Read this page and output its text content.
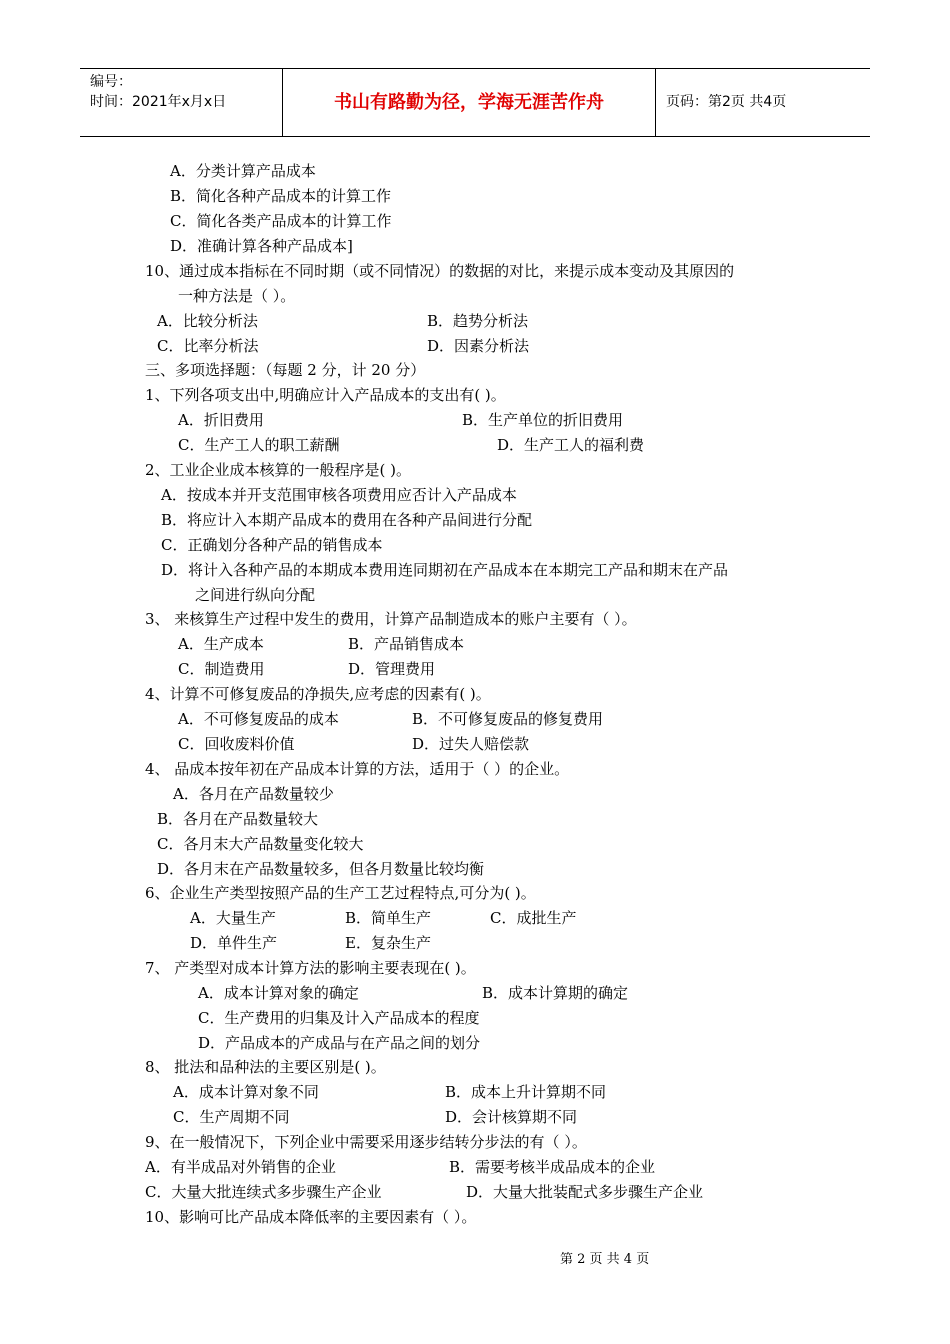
编号：
时间：2021年x月x日	书山有路勤为径，学海无涯苦作舟	页码：第2页 共4页
A．分类计算产品成本
B．简化各种产品成本的计算工作
C．简化各类产品成本的计算工作
D．准确计算各种产品成本]
10、通过成本指标在不同时期（或不同情况）的数据的对比，来提示成本变动及其原因的
一种方法是（ ）。
A．比较分析法	B．趋势分析法
C．比率分析法	D．因素分析法
三、多项选择题：（每题 2 分，计 20 分）
1、下列各项支出中,明确应计入产品成本的支出有( )。
A．折旧费用	B．生产单位的折旧费用
C．生产工人的职工薪酬	D．生产工人的福利费
2、工业企业成本核算的一般程序是( )。
A．按成本并开支范围审核各项费用应否计入产品成本
B．将应计入本期产品成本的费用在各种产品间进行分配
C．正确划分各种产品的销售成本
D．将计入各种产品的本期成本费用连同期初在产品成本在本期完工产品和期末在产品
之间进行纵向分配
3、 来核算生产过程中发生的费用，计算产品制造成本的账户主要有（ ）。
A．生产成本	B．产品销售成本
C．制造费用	D．管理费用
4、计算不可修复废品的净损失,应考虑的因素有( )。
A．不可修复废品的成本	B．不可修复废品的修复费用
C．回收废料价值	D．过失人赔偿款
4、 品成本按年初在产品成本计算的方法，适用于（ ）的企业。
A．各月在产品数量较少
B．各月在产品数量较大
C．各月末大产品数量变化较大
D．各月末在产品数量较多，但各月数量比较均衡
6、企业生产类型按照产品的生产工艺过程特点,可分为( )。
A．大量生产	B．简单生产	C．成批生产
D．单件生产	E．复杂生产
7、 产类型对成本计算方法的影响主要表现在( )。
A．成本计算对象的确定	B．成本计算期的确定
C．生产费用的归集及计入产品成本的程度
D．产品成本的产成品与在产品之间的划分
8、 批法和品种法的主要区别是( )。
A．成本计算对象不同	B．成本上升计算期不同
C．生产周期不同	D．会计核算期不同
9、在一般情况下，下列企业中需要采用逐步结转分步法的有（ ）。
A．有半成品对外销售的企业	B．需要考核半成品成本的企业
C．大量大批连续式多步骤生产企业	D．大量大批装配式多步骤生产企业
10、影响可比产品成本降低率的主要因素有（ ）。
第 2 页 共 4 页
